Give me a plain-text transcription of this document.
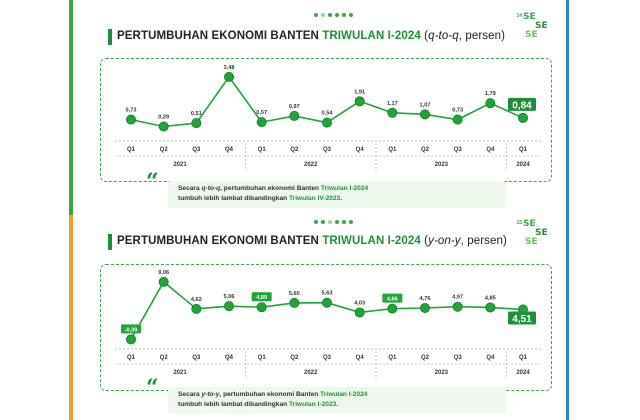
14 SE
SE
SE
PERTUMBUHAN EKONOMI BANTEN TRIWULAN I-2024 (q-to-q, persen)
0,73
0,29
0,51
3,48
0,57
0,97
0,54
1,91
1,17	1,07
0,73
1,79
0,84
Q1	Q2	Q3	Q4	Q1	Q2	Q3	Q4	Q1	Q2	Q3	Q4	Q1
2021	2022	2023	2024
“	Secara q-to-q, pertumbuhan ekonomi Banten Triwulan I-2024
tumbuh lebih lambat dibandingkan Triwulan IV-2023.
15 SE
SE
SE
PERTUMBUHAN EKONOMI BANTEN TRIWULAN I-2024 (y-on-y, persen)
-0,39
9,06
4,62	5,06	4,89
5,60	5,63
4,03
4,66	4,76	4,97	4,85
4,51
Q1	Q2	Q3	Q4	Q1	Q2	Q3	Q4	Q1	Q2	Q3	Q4	Q1
2021	2022	2023	2024
“	Secara y-to-y, pertumbuhan ekonomi Banten Triwulan I-2024
tumbuh lebih lambat dibandingkan Triwulan I-2023.
